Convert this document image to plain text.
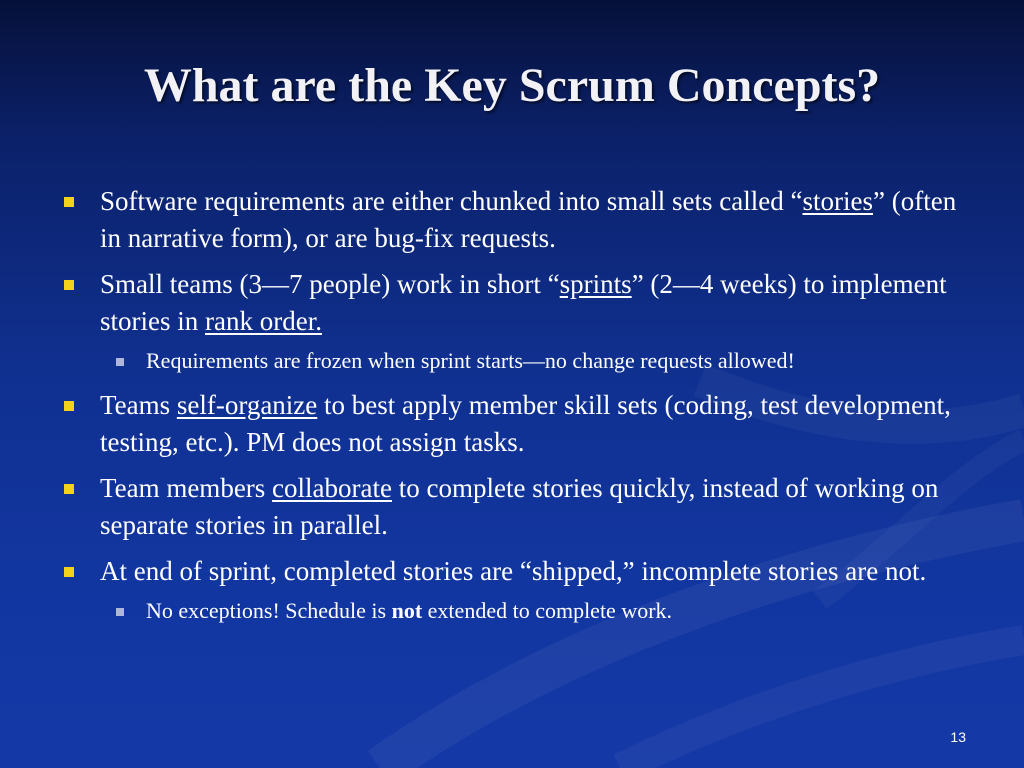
What are the Key Scrum Concepts?
Software requirements are either chunked into small sets called “stories” (often in narrative form), or are bug-fix requests.
Small teams (3—7 people) work in short “sprints” (2—4 weeks) to implement stories in rank order.
Requirements are frozen when sprint starts—no change requests allowed!
Teams self-organize to best apply member skill sets (coding, test development, testing, etc.). PM does not assign tasks.
Team members collaborate to complete stories quickly, instead of working on separate stories in parallel.
At end of sprint, completed stories are “shipped,” incomplete stories are not.
No exceptions! Schedule is not extended to complete work.
13
